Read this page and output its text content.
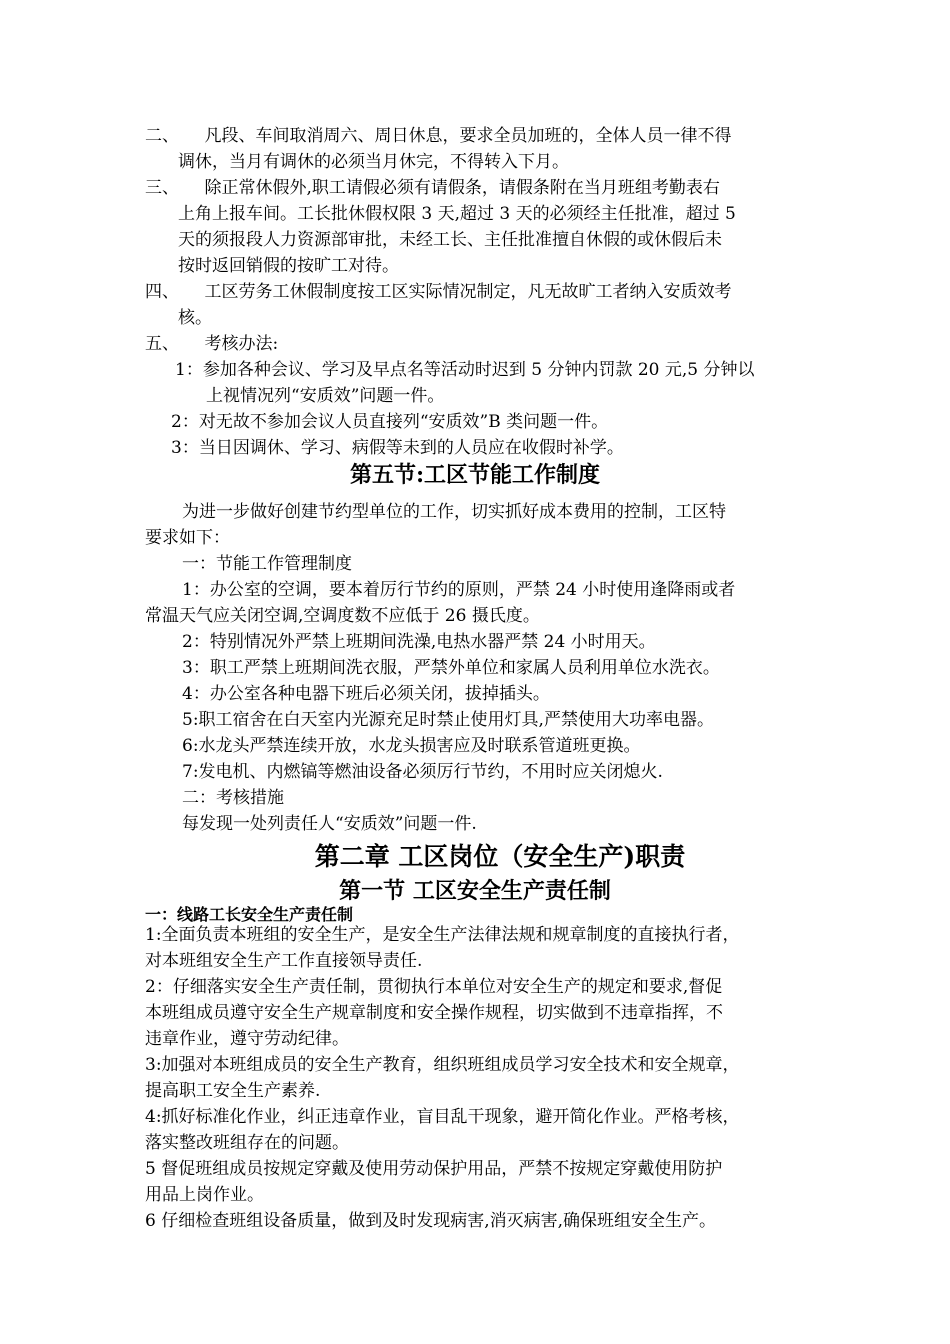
二、　　凡段、车间取消周六、周日休息，要求全员加班的，全体人员一律不得
调休，当月有调休的必须当月休完，不得转入下月。
三、　　除正常休假外,职工请假必须有请假条，请假条附在当月班组考勤表右
上角上报车间。工长批休假权限 3 天,超过 3 天的必须经主任批准，超过 5
天的须报段人力资源部审批，未经工长、主任批准擅自休假的或休假后未
按时返回销假的按旷工对待。
四、　　工区劳务工休假制度按工区实际情况制定，凡无故旷工者纳入安质效考
核。
五、　　考核办法:
1：参加各种会议、学习及早点名等活动时迟到 5 分钟内罚款 20 元,5 分钟以
上视情况列“安质效”问题一件。
2：对无故不参加会议人员直接列“安质效”B 类问题一件。
3：当日因调休、学习、病假等未到的人员应在收假时补学。
第五节:工区节能工作制度
为进一步做好创建节约型单位的工作，切实抓好成本费用的控制，工区特
要求如下：
一：节能工作管理制度
1：办公室的空调，要本着厉行节约的原则，严禁 24 小时使用逢降雨或者
常温天气应关闭空调,空调度数不应低于 26 摄氏度。
2：特别情况外严禁上班期间洗澡,电热水器严禁 24 小时用天。
3：职工严禁上班期间洗衣服，严禁外单位和家属人员利用单位水洗衣。
4：办公室各种电器下班后必须关闭，拔掉插头。
5:职工宿舍在白天室内光源充足时禁止使用灯具,严禁使用大功率电器。
6:水龙头严禁连续开放，水龙头损害应及时联系管道班更换。
7:发电机、内燃镐等燃油设备必须厉行节约，不用时应关闭熄火.
二：考核措施
每发现一处列责任人“安质效”问题一件.
第二章 工区岗位（安全生产)职责
第一节 工区安全生产责任制
一：线路工长安全生产责任制
1:全面负责本班组的安全生产，是安全生产法律法规和规章制度的直接执行者，
对本班组安全生产工作直接领导责任.
2：仔细落实安全生产责任制，贯彻执行本单位对安全生产的规定和要求,督促
本班组成员遵守安全生产规章制度和安全操作规程，切实做到不违章指挥，不
违章作业，遵守劳动纪律。
3:加强对本班组成员的安全生产教育，组织班组成员学习安全技术和安全规章，
提高职工安全生产素养.
4:抓好标准化作业，纠正违章作业，盲目乱干现象，避开简化作业。严格考核，
落实整改班组存在的问题。
5 督促班组成员按规定穿戴及使用劳动保护用品，严禁不按规定穿戴使用防护
用品上岗作业。
6 仔细检查班组设备质量，做到及时发现病害,消灭病害,确保班组安全生产。
